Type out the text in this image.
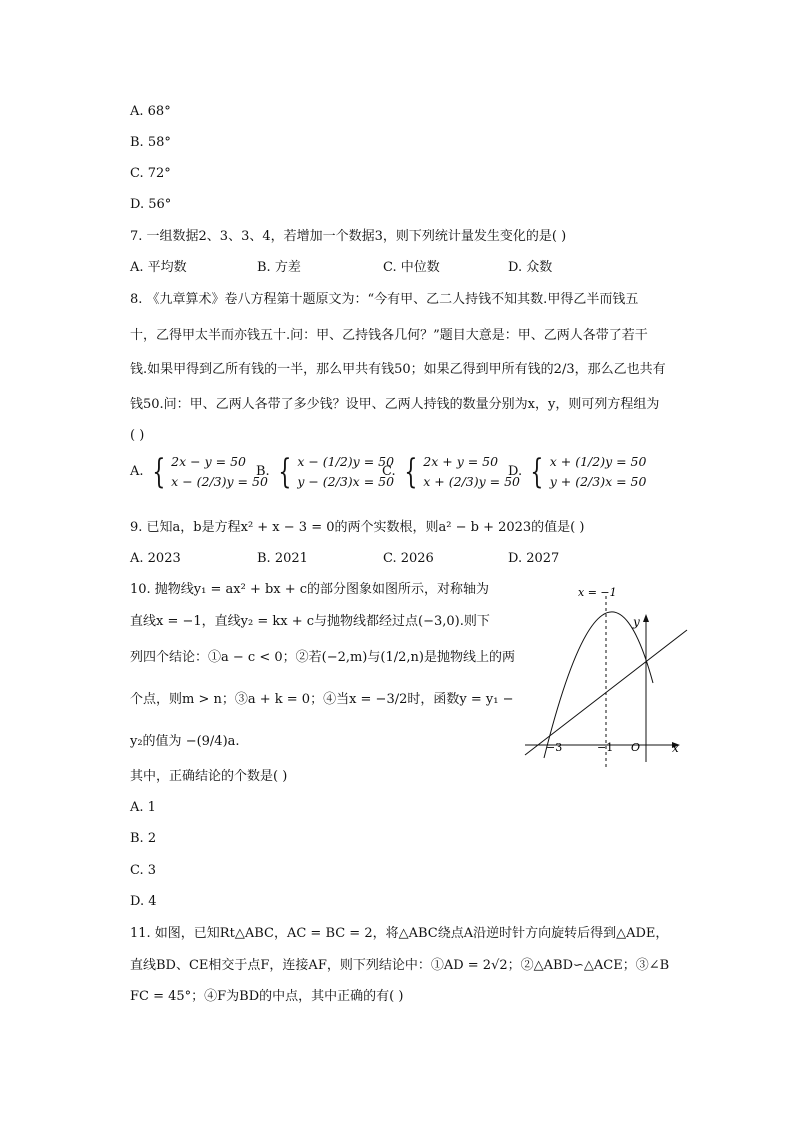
A. 68°
B. 58°
C. 72°
D. 56°
7. 一组数据2、3、3、4，若增加一个数据3，则下列统计量发生变化的是( )
A. 平均数	B. 方差	C. 中位数	D. 众数
8. 《九章算术》卷八方程第十题原文为：“今有甲、乙二人持钱不知其数.甲得乙半而钱五
十，乙得甲太半而亦钱五十.问：甲、乙持钱各几何？”题目大意是：甲、乙两人各带了若干
钱.如果甲得到乙所有钱的一半，那么甲共有钱50；如果乙得到甲所有钱的2/3，那么乙也共有
钱50.问：甲、乙两人各带了多少钱？设甲、乙两人持钱的数量分别为x，y，则可列方程组为
( )
A. { 2x − y = 50
x − (2/3)y = 50
B. { x − (1/2)y = 50
y − (2/3)x = 50
C. { 2x + y = 50
x + (2/3)y = 50
D. { x + (1/2)y = 50
y + (2/3)x = 50
9. 已知a，b是方程x² + x − 3 = 0的两个实数根，则a² − b + 2023的值是( )
A. 2023	B. 2021	C. 2026	D. 2027
10. 抛物线y₁ = ax² + bx + c的部分图象如图所示，对称轴为
直线x = −1，直线y₂ = kx + c与抛物线都经过点(−3,0).则下
列四个结论：①a − c < 0；②若(−2,m)与(1/2,n)是抛物线上的两
个点，则m > n；③a + k = 0；④当x = −3/2时，函数y = y₁ −
y₂的值为 −(9/4)a.
其中，正确结论的个数是( )
A. 1
B. 2
C. 3
D. 4
x = −1
y
x
−3	−1 O
11. 如图，已知Rt△ABC，AC = BC = 2，将△ABC绕点A沿逆时针方向旋转后得到△ADE，
直线BD、CE相交于点F，连接AF，则下列结论中：①AD = 2√2；②△ABD∽△ACE；③∠B
FC = 45°；④F为BD的中点，其中正确的有( )
